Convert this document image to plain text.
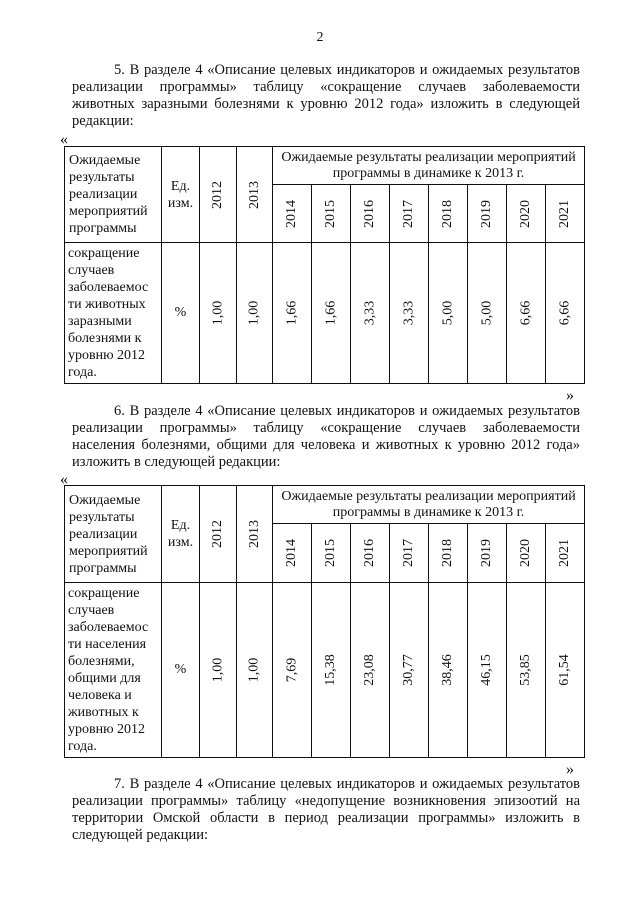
2

5. В разделе 4 «Описание целевых индикаторов и ожидаемых результатов реализации программы» таблицу «сокращение случаев заболеваемости животных заразными болезнями к уровню 2012 года» изложить в следующей редакции:

«
Ожидаемые результаты реализации мероприятий программы	Ед. изм.	2012	2013	Ожидаемые результаты реализации мероприятий программы в динамике к 2013 г.							
				2014	2015	2016	2017	2018	2019	2020	2021
сокращение случаев заболеваемос ти животных заразными болезнями к уровню 2012 года.	%	1,00	1,00	1,66	1,66	3,33	3,33	5,00	5,00	6,66	6,66
»

6. В разделе 4 «Описание целевых индикаторов и ожидаемых результатов реализации программы» таблицу «сокращение случаев заболеваемости населения болезнями, общими для человека и животных к уровню 2012 года» изложить в следующей редакции:

«
Ожидаемые результаты реализации мероприятий программы	Ед. изм.	2012	2013	Ожидаемые результаты реализации мероприятий программы в динамике к 2013 г.							
				2014	2015	2016	2017	2018	2019	2020	2021
сокращение случаев заболеваемос ти населения болезнями, общими для человека и животных к уровню 2012 года.	%	1,00	1,00	7,69	15,38	23,08	30,77	38,46	46,15	53,85	61,54
»

7. В разделе 4 «Описание целевых индикаторов и ожидаемых результатов реализации программы» таблицу «недопущение возникновения эпизоотий на территории Омской области в период реализации программы» изложить в следующей редакции:
